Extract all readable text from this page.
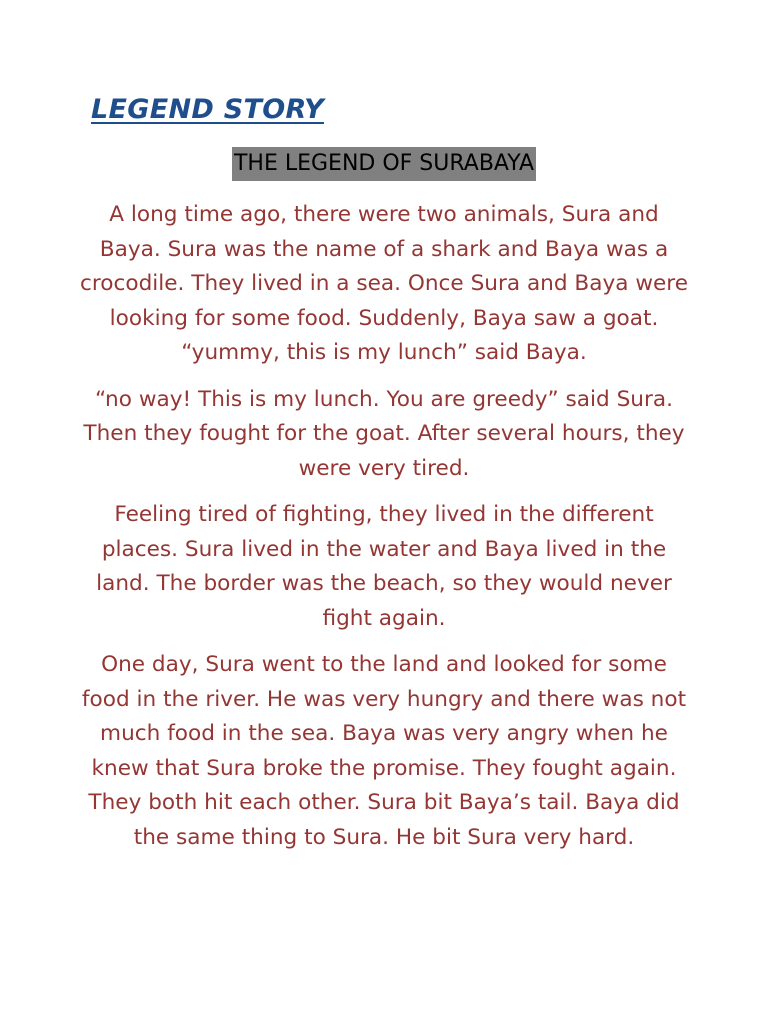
LEGEND STORY
THE LEGEND OF SURABAYA

A long time ago, there were two animals, Sura and Baya. Sura was the name of a shark and Baya was a crocodile. They lived in a sea. Once Sura and Baya were looking for some food. Suddenly, Baya saw a goat. “yummy, this is my lunch” said Baya.

“no way! This is my lunch. You are greedy” said Sura. Then they fought for the goat. After several hours, they were very tired.

Feeling tired of fighting, they lived in the different places. Sura lived in the water and Baya lived in the land. The border was the beach, so they would never fight again.

One day, Sura went to the land and looked for some food in the river. He was very hungry and there was not much food in the sea. Baya was very angry when he knew that Sura broke the promise. They fought again. They both hit each other. Sura bit Baya’s tail. Baya did the same thing to Sura. He bit Sura very hard.
